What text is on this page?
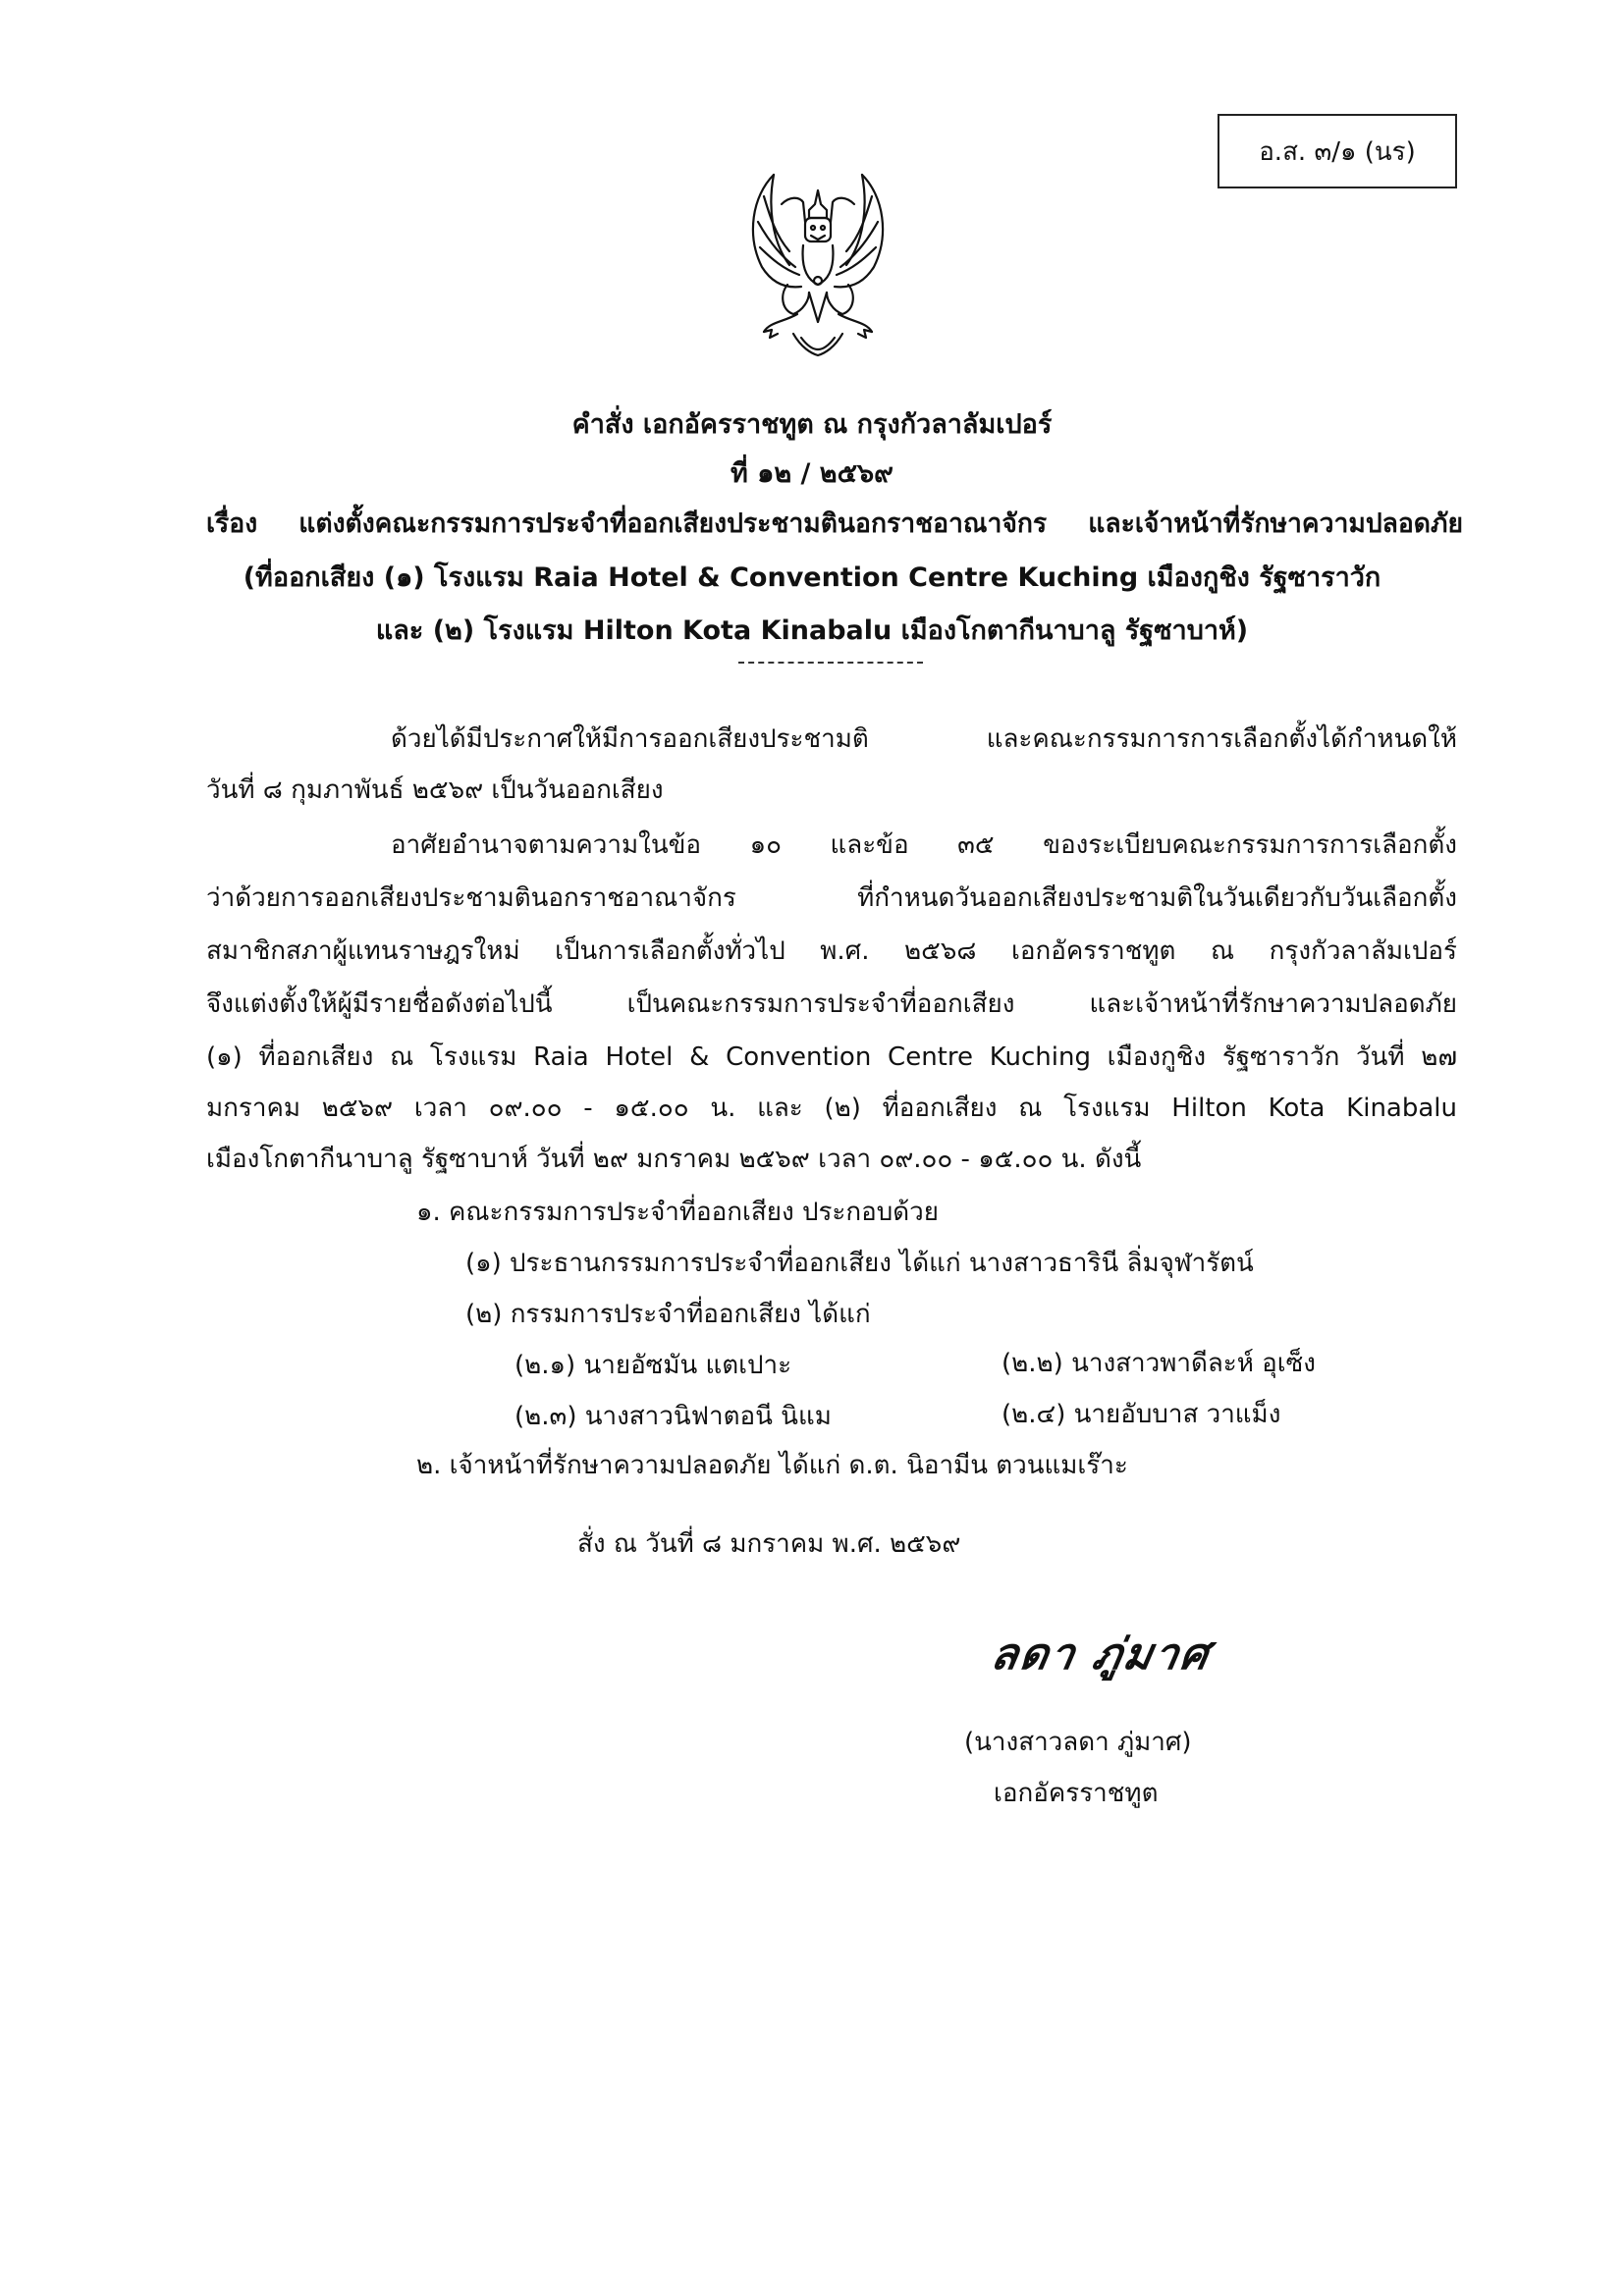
อ.ส. ๓/๑ (นร)
คำสั่ง เอกอัครราชทูต ณ กรุงกัวลาลัมเปอร์
ที่ ๑๒ / ๒๕๖๙
เรื่อง แต่งตั้งคณะกรรมการประจำที่ออกเสียงประชามตินอกราชอาณาจักร และเจ้าหน้าที่รักษาความปลอดภัย
(ที่ออกเสียง (๑) โรงแรม Raia Hotel & Convention Centre Kuching เมืองกูชิง รัฐซาราวัก
และ (๒) โรงแรม Hilton Kota Kinabalu เมืองโกตากีนาบาลู รัฐซาบาห์)
ด้วยได้มีประกาศให้มีการออกเสียงประชามติ และคณะกรรมการการเลือกตั้งได้กำหนดให้
วันที่ ๘ กุมภาพันธ์ ๒๕๖๙ เป็นวันออกเสียง
อาศัยอำนาจตามความในข้อ ๑๐ และข้อ ๓๕ ของระเบียบคณะกรรมการการเลือกตั้ง
ว่าด้วยการออกเสียงประชามตินอกราชอาณาจักร ที่กำหนดวันออกเสียงประชามติในวันเดียวกับวันเลือกตั้ง
สมาชิกสภาผู้แทนราษฎรใหม่ เป็นการเลือกตั้งทั่วไป พ.ศ. ๒๕๖๘ เอกอัครราชทูต ณ กรุงกัวลาลัมเปอร์
จึงแต่งตั้งให้ผู้มีรายชื่อดังต่อไปนี้ เป็นคณะกรรมการประจำที่ออกเสียง และเจ้าหน้าที่รักษาความปลอดภัย
(๑) ที่ออกเสียง ณ โรงแรม Raia Hotel & Convention Centre Kuching เมืองกูชิง รัฐซาราวัก วันที่ ๒๗
มกราคม ๒๕๖๙ เวลา ๐๙.๐๐ - ๑๕.๐๐ น. และ (๒) ที่ออกเสียง ณ โรงแรม Hilton Kota Kinabalu
เมืองโกตากีนาบาลู รัฐซาบาห์ วันที่ ๒๙ มกราคม ๒๕๖๙ เวลา ๐๙.๐๐ - ๑๕.๐๐ น. ดังนี้
๑. คณะกรรมการประจำที่ออกเสียง ประกอบด้วย
(๑) ประธานกรรมการประจำที่ออกเสียง ได้แก่ นางสาวธารินี ลิ่มจุฬารัตน์
(๒) กรรมการประจำที่ออกเสียง ได้แก่
(๒.๑) นายอัซมัน แตเปาะ	(๒.๒) นางสาวพาดีละห์ อุเซ็ง
(๒.๓) นางสาวนิฟาตอนี นิแม	(๒.๔) นายอับบาส วาแม็ง
๒. เจ้าหน้าที่รักษาความปลอดภัย ได้แก่ ด.ต. นิอามีน ตวนแมเร๊าะ
สั่ง ณ วันที่ ๘ มกราคม พ.ศ. ๒๕๖๙
ลดา ภู่มาศ
(นางสาวลดา ภู่มาศ)
เอกอัครราชทูต
